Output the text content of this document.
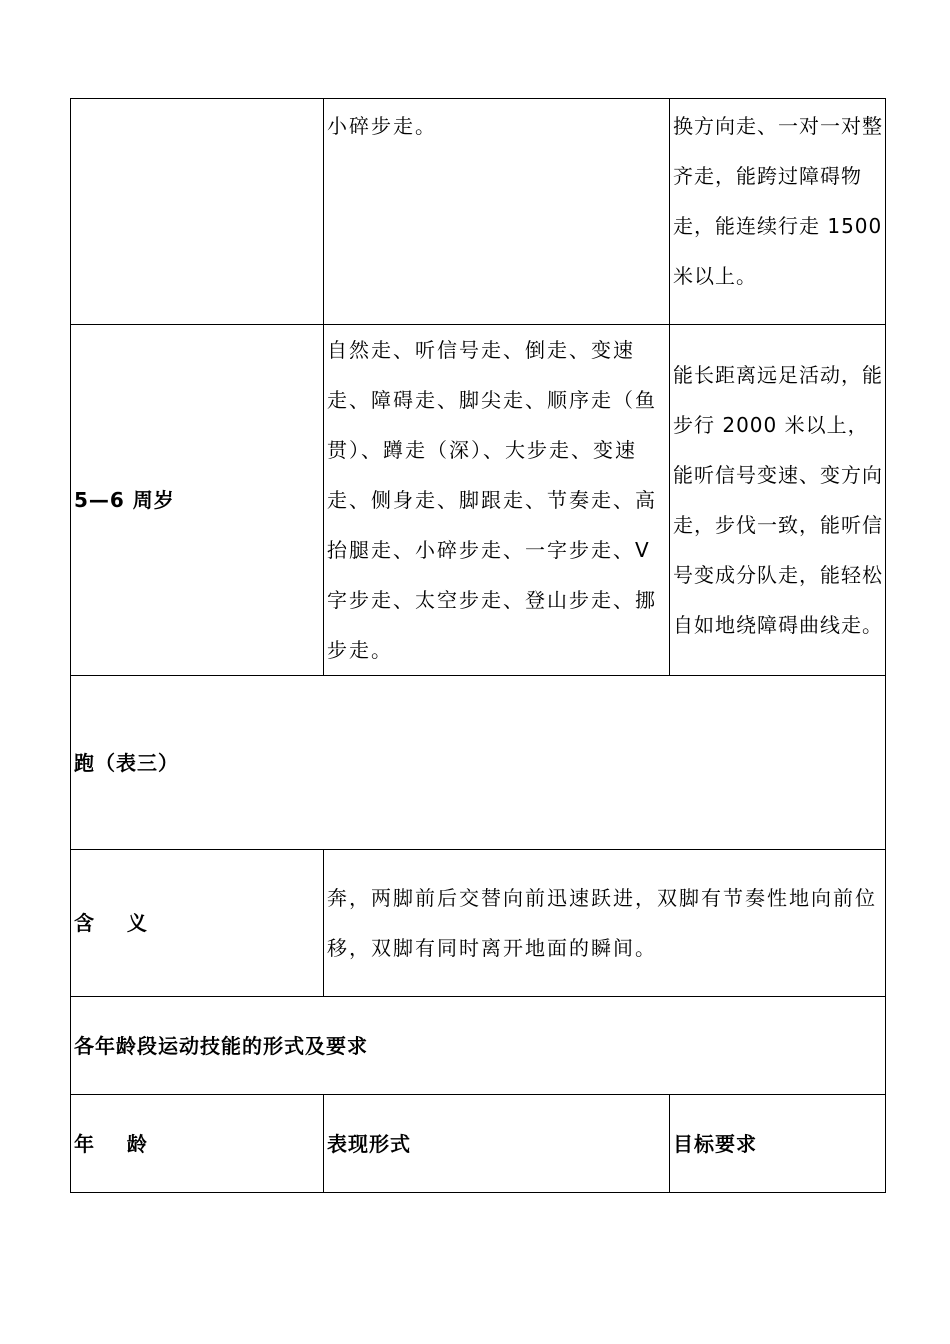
	小碎步走。	换方向走、一对一对整齐走，能跨过障碍物走，能连续行走 1500米以上。

5—6 周岁	自然走、听信号走、倒走、变速走、障碍走、脚尖走、顺序走（鱼贯）、蹲走（深）、大步走、变速走、侧身走、脚跟走、节奏走、高抬腿走、小碎步走、一字步走、V 字步走、太空步走、登山步走、挪步走。	能长距离远足活动，能步行 2000 米以上，能听信号变速、变方向走，步伐一致，能听信号变成分队走，能轻松自如地绕障碍曲线走。
跑（表三）		
含    义	奔，两脚前后交替向前迅速跃进，双脚有节奏性地向前位移，双脚有同时离开地面的瞬间。	
各年龄段运动技能的形式及要求		
年    龄	表现形式	目标要求
